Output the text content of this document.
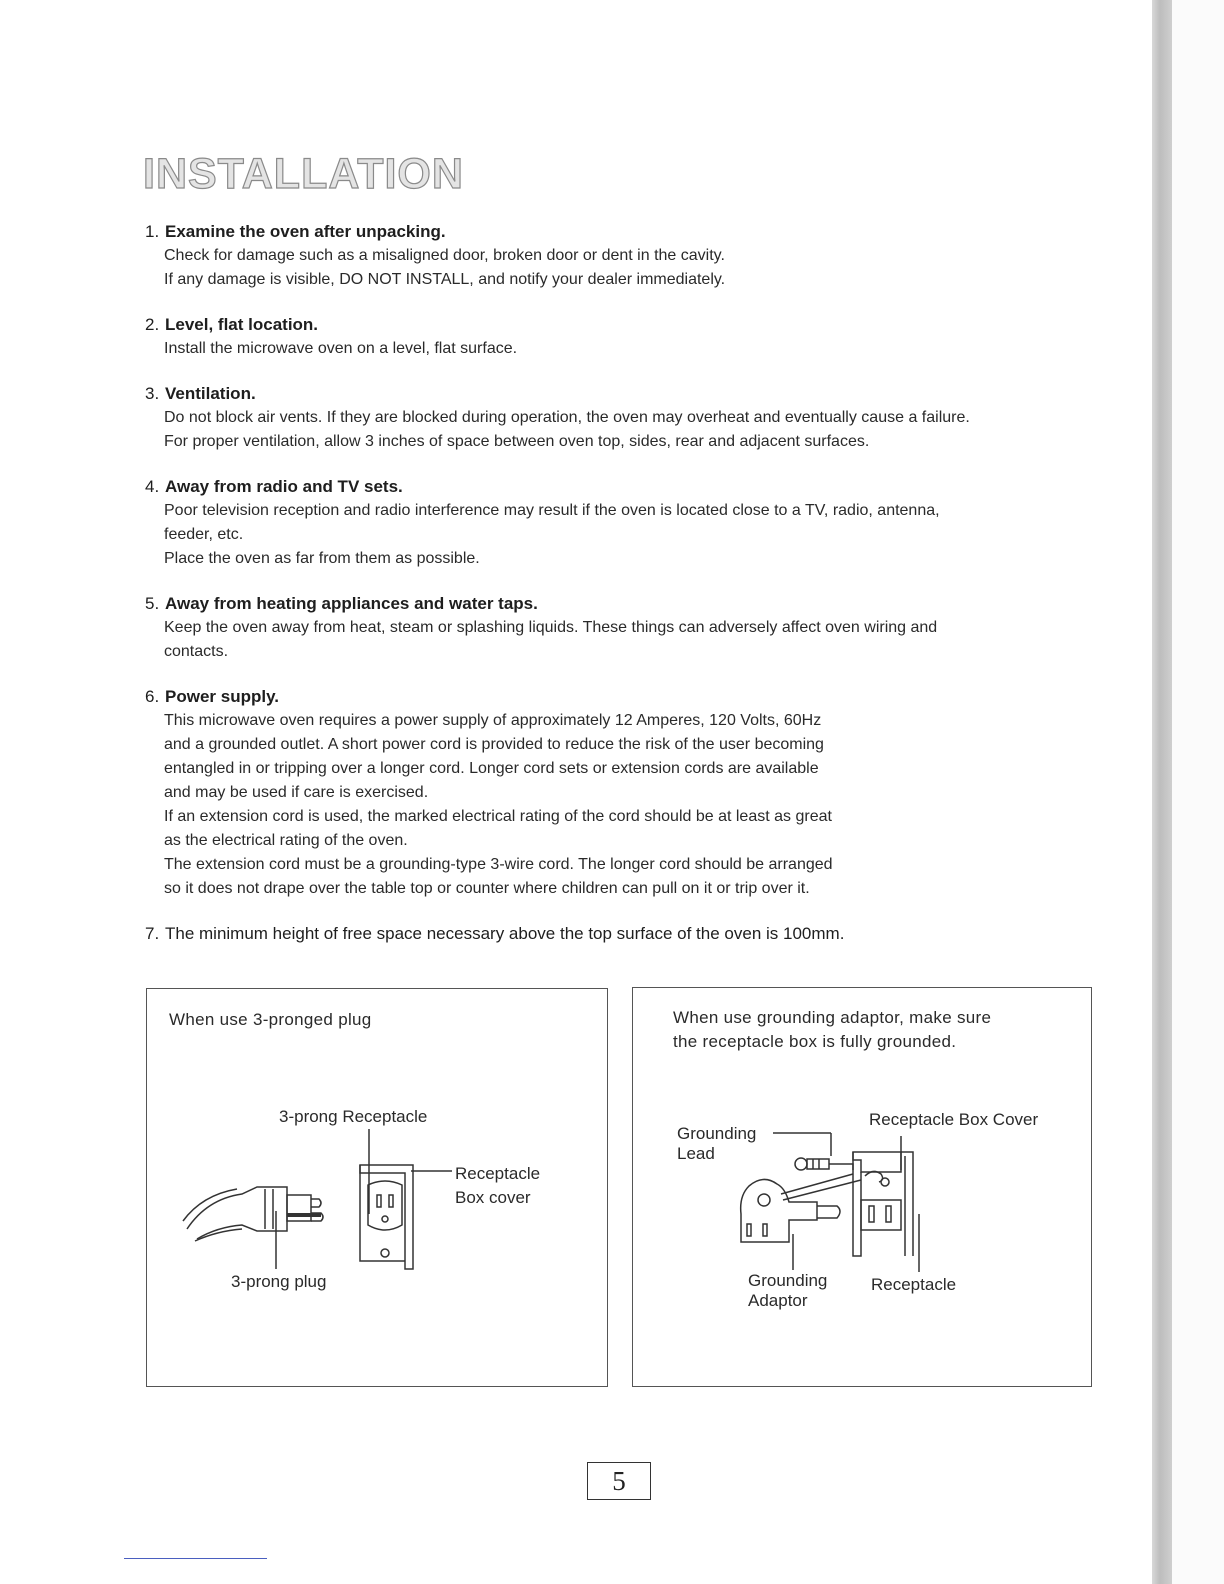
INSTALLATION
1. Examine the oven after unpacking.

Check for damage such as a misaligned door, broken door or dent in the cavity.

If any damage is visible, DO NOT INSTALL, and notify your dealer immediately.

2. Level, flat location.

Install the microwave oven on a level, flat surface.

3. Ventilation.

Do not block air vents. If they are blocked during operation, the oven may overheat and eventually cause a failure.

For proper ventilation, allow 3 inches of space between oven top, sides, rear and adjacent surfaces.

4. Away from radio and TV sets.

Poor television reception and radio interference may result if the oven is located close to a TV, radio, antenna,

feeder, etc.

Place the oven as far from them as possible.

5. Away from heating appliances and water taps.

Keep the oven away from heat, steam or splashing liquids. These things can adversely affect oven wiring and

contacts.

6. Power supply.

This microwave oven requires a power supply of approximately 12 Amperes, 120 Volts, 60Hz

and a grounded outlet. A short power cord is provided to reduce the risk of the user becoming

entangled in or tripping over a longer cord. Longer cord sets or extension cords are available

and may be used if care is exercised.

If an extension cord is used, the marked electrical rating of the cord should be at least as great

as the electrical rating of the oven.

The extension cord must be a grounding-type 3-wire cord. The longer cord should be arranged

so it does not drape over the table top or counter where children can pull on it or trip over it.

7. The minimum height of free space necessary above the top surface of the oven is 100mm.
When use 3-pronged plug
3-prong Receptacle
Receptacle
Box cover
3-prong plug
When use grounding adaptor, make sure
the receptacle box is fully grounded.
Grounding
Lead
Receptacle Box Cover
Grounding
Adaptor
Receptacle
5
